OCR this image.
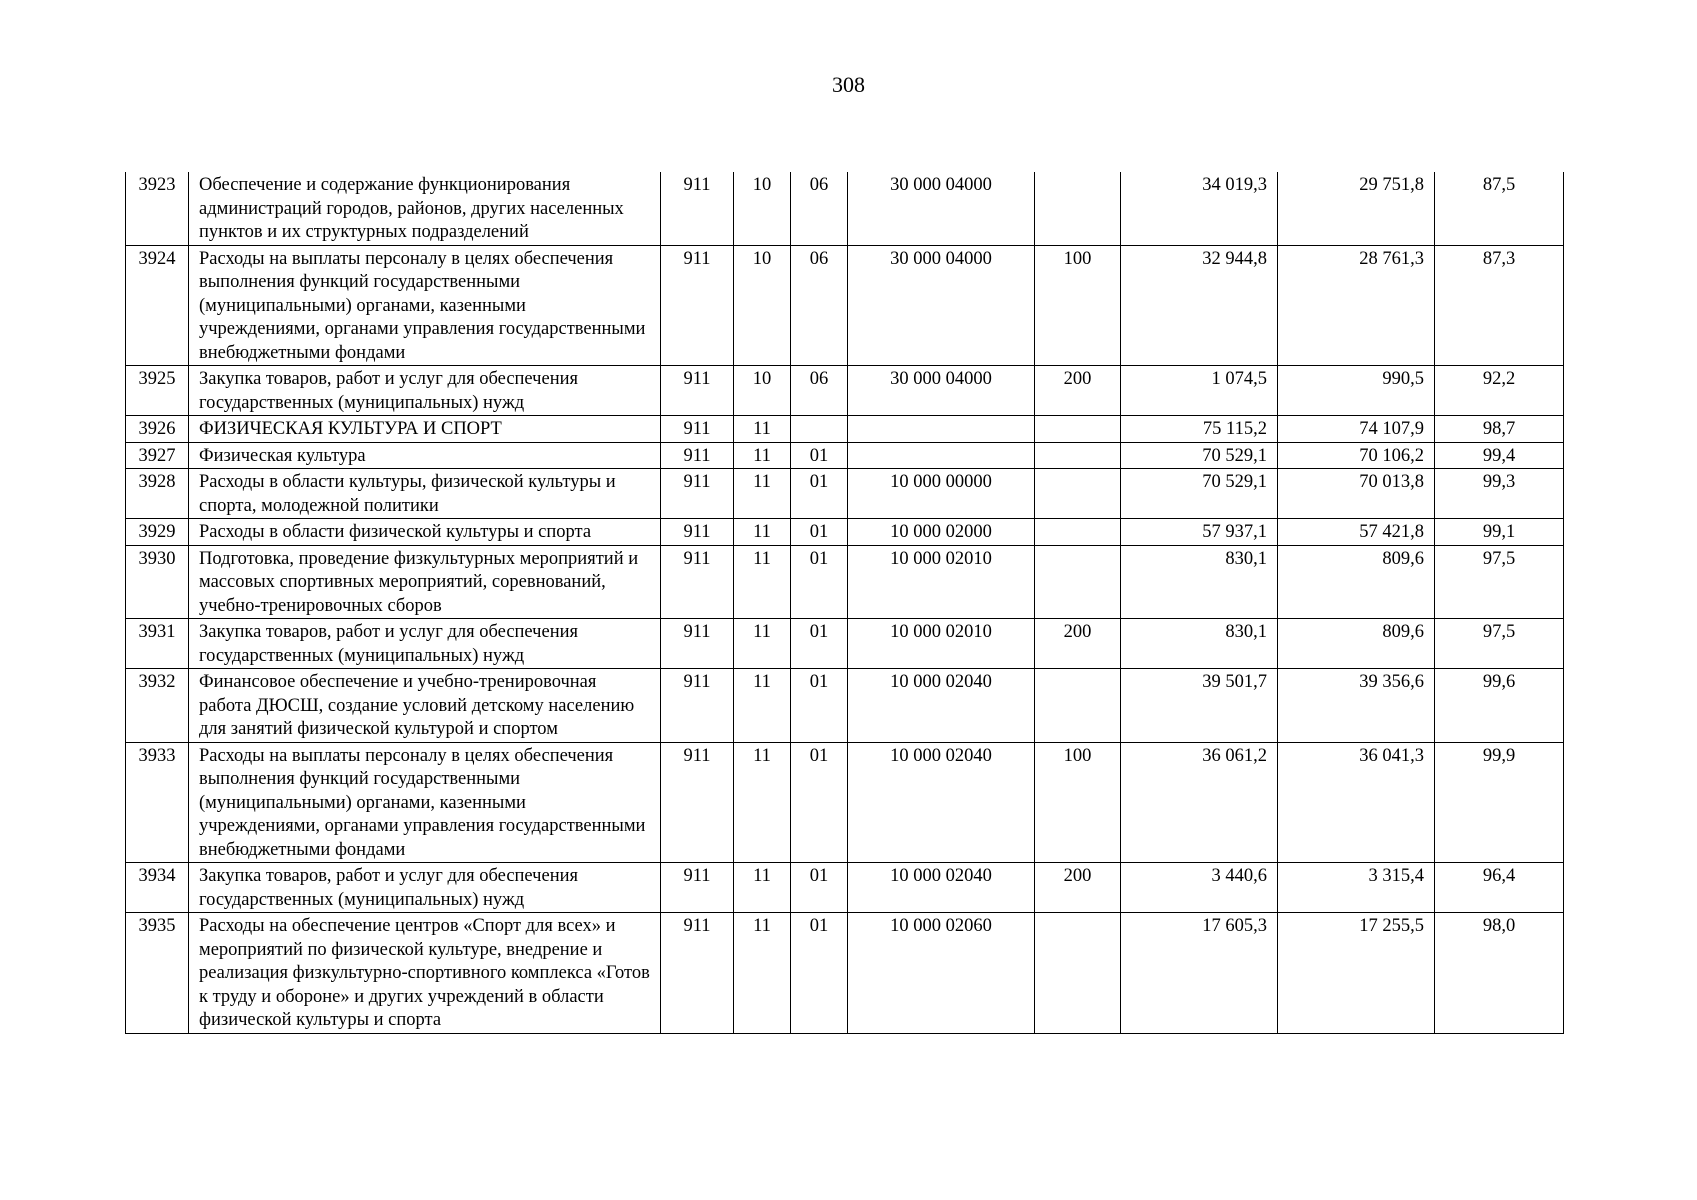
308
3923	Обеспечение и содержание функционирования администраций городов, районов, других населенных пунктов и их структурных подразделений	911	10	06	30 000 04000		34 019,3	29 751,8	87,5
3924	Расходы на выплаты персоналу в целях обеспечения выполнения функций государственными (муниципальными) органами, казенными учреждениями, органами управления государственными внебюджетными фондами	911	10	06	30 000 04000	100	32 944,8	28 761,3	87,3
3925	Закупка товаров, работ и услуг для обеспечения государственных (муниципальных) нужд	911	10	06	30 000 04000	200	1 074,5	990,5	92,2
3926	ФИЗИЧЕСКАЯ КУЛЬТУРА И СПОРТ	911	11				75 115,2	74 107,9	98,7
3927	Физическая культура	911	11	01			70 529,1	70 106,2	99,4
3928	Расходы в области культуры, физической культуры и спорта, молодежной политики	911	11	01	10 000 00000		70 529,1	70 013,8	99,3
3929	Расходы в области физической культуры и спорта	911	11	01	10 000 02000		57 937,1	57 421,8	99,1
3930	Подготовка, проведение физкультурных мероприятий и массовых спортивных мероприятий, соревнований, учебно-тренировочных сборов	911	11	01	10 000 02010		830,1	809,6	97,5
3931	Закупка товаров, работ и услуг для обеспечения государственных (муниципальных) нужд	911	11	01	10 000 02010	200	830,1	809,6	97,5
3932	Финансовое обеспечение и учебно-тренировочная работа ДЮСШ, создание условий детскому населению для занятий физической культурой и спортом	911	11	01	10 000 02040		39 501,7	39 356,6	99,6
3933	Расходы на выплаты персоналу в целях обеспечения выполнения функций государственными (муниципальными) органами, казенными учреждениями, органами управления государственными внебюджетными фондами	911	11	01	10 000 02040	100	36 061,2	36 041,3	99,9
3934	Закупка товаров, работ и услуг для обеспечения государственных (муниципальных) нужд	911	11	01	10 000 02040	200	3 440,6	3 315,4	96,4
3935	Расходы на обеспечение центров «Спорт для всех» и мероприятий по физической культуре, внедрение и реализация физкультурно-спортивного комплекса «Готов к труду и обороне» и других учреждений в области физической культуры и спорта	911	11	01	10 000 02060		17 605,3	17 255,5	98,0
